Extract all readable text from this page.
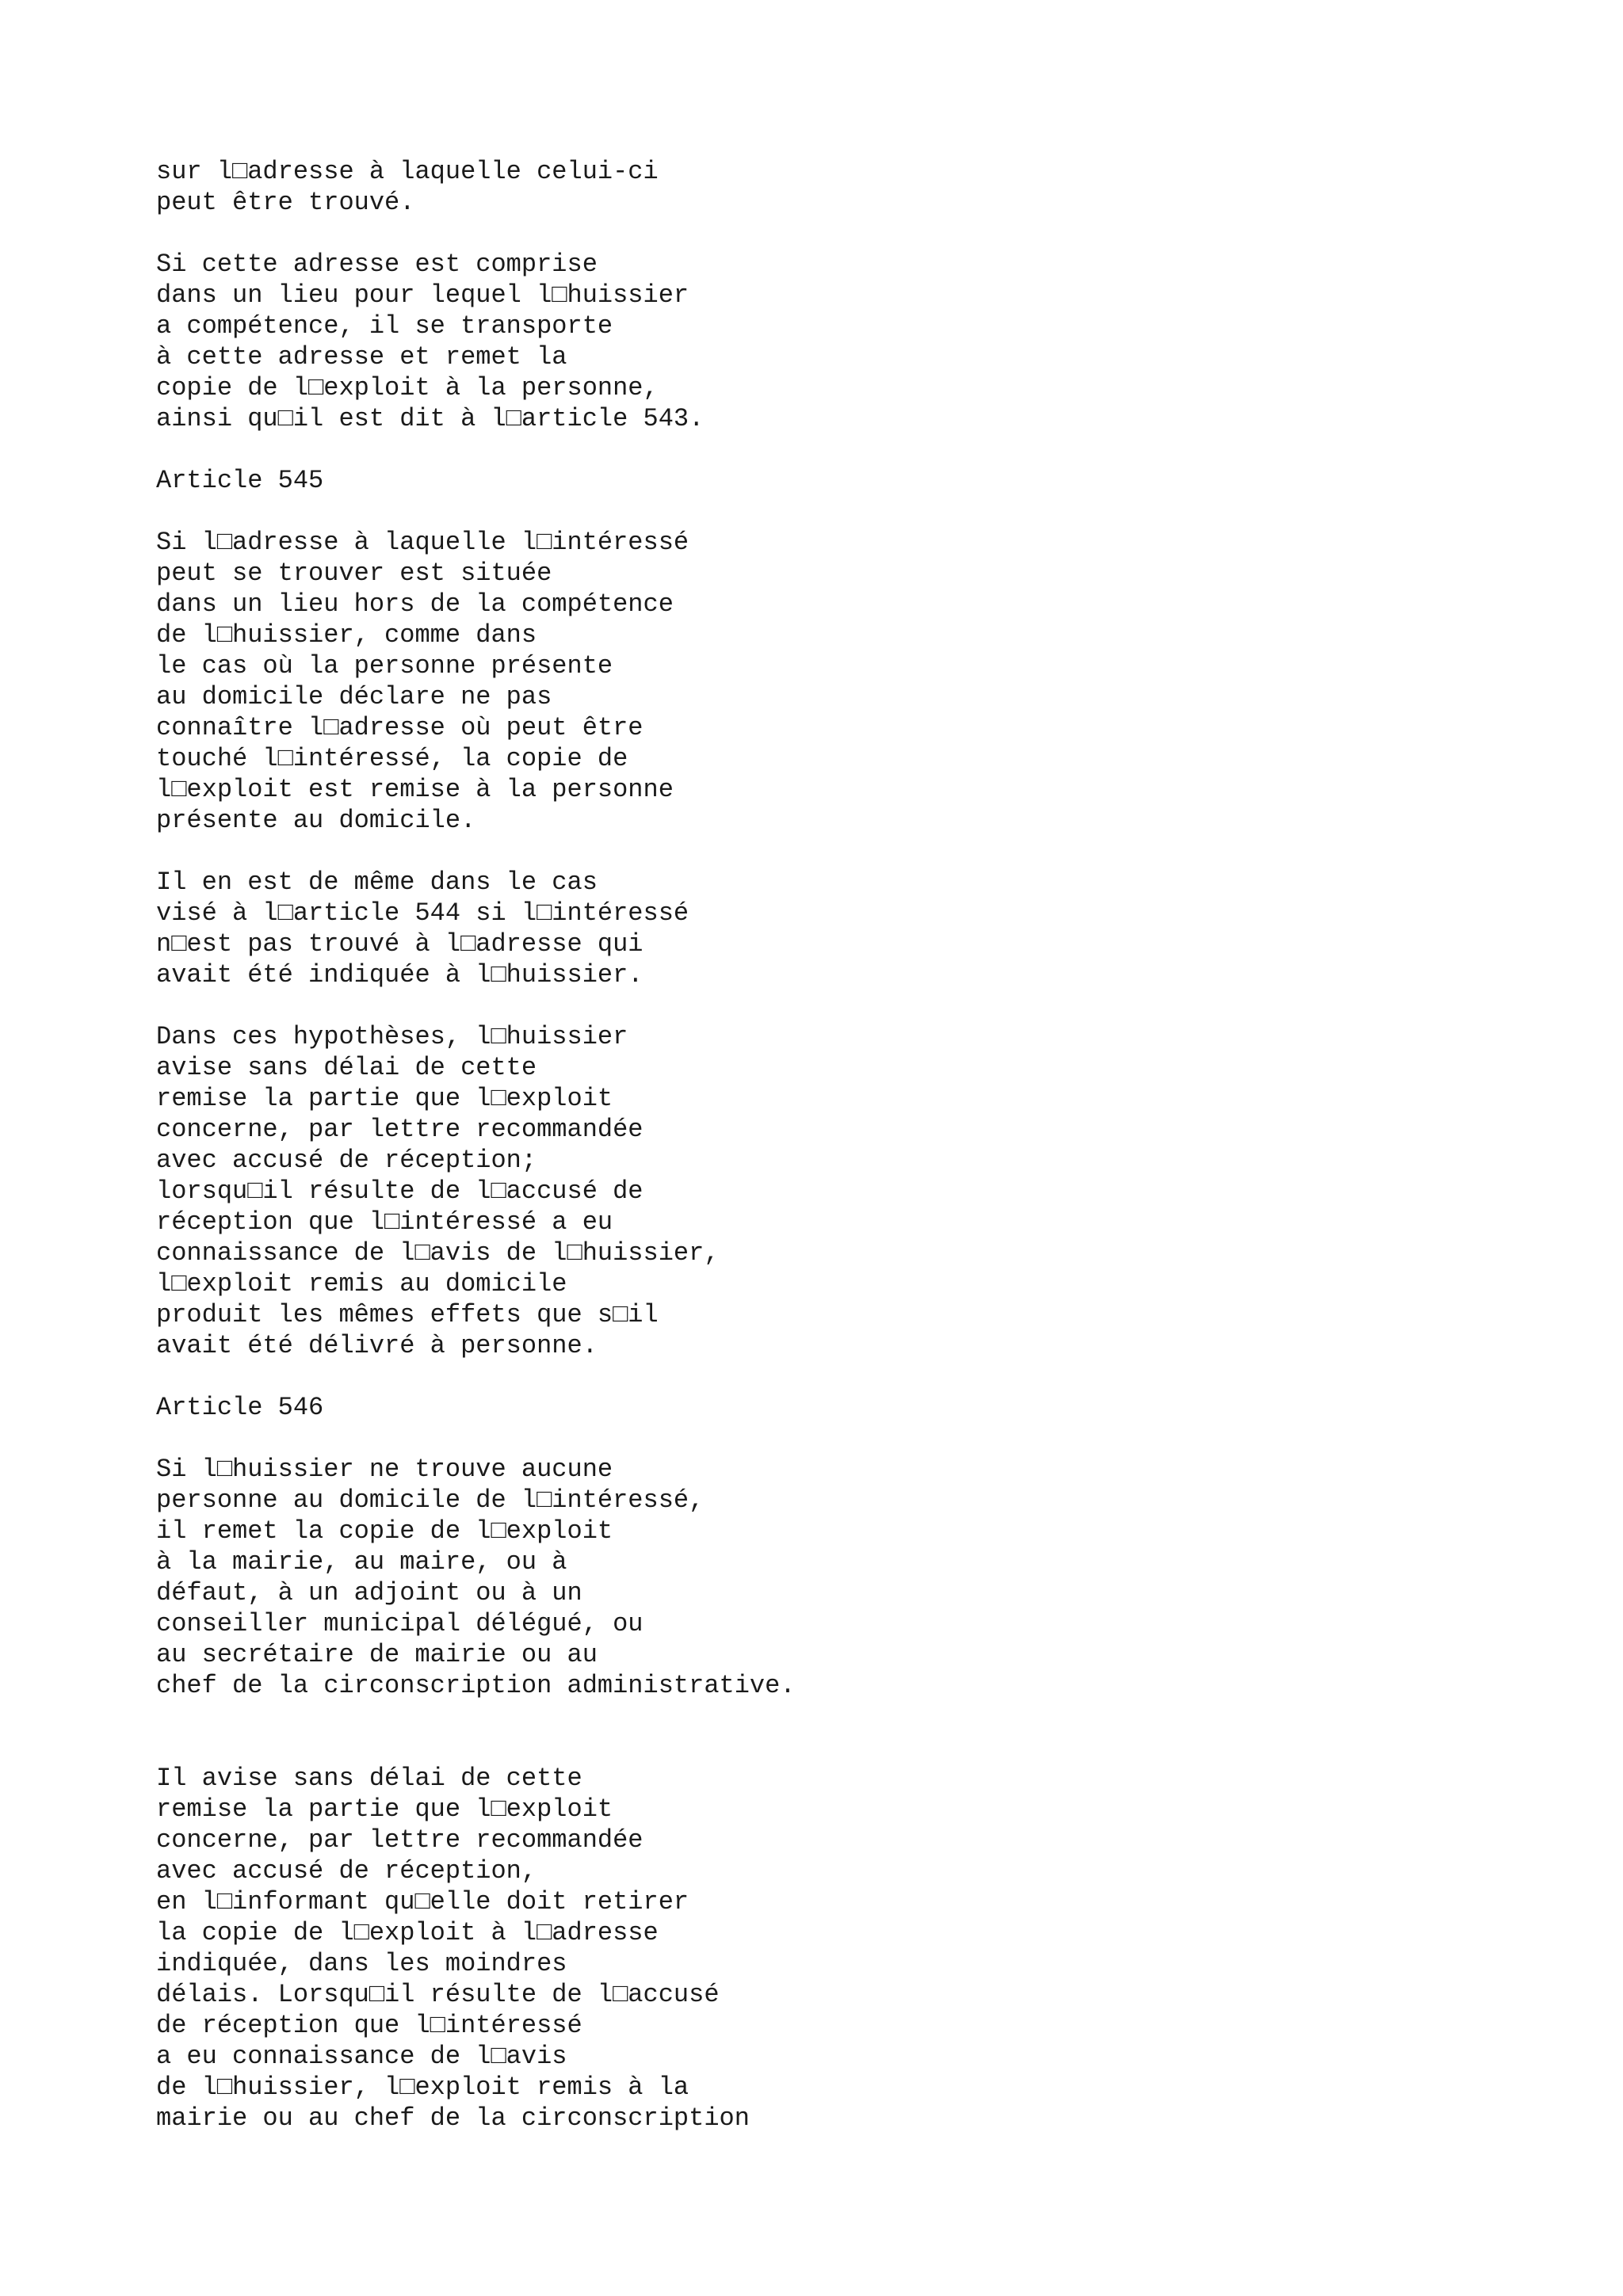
sur l□adresse à laquelle celui-ci
peut être trouvé.
Si cette adresse est comprise
dans un lieu pour lequel l□huissier
a compétence, il se transporte
à cette adresse et remet la
copie de l□exploit à la personne,
ainsi qu□il est dit à l□article 543.
Article 545
Si l□adresse à laquelle l□intéressé
peut se trouver est située
dans un lieu hors de la compétence
de l□huissier, comme dans
le cas où la personne présente
au domicile déclare ne pas
connaître l□adresse où peut être
touché l□intéressé, la copie de
l□exploit est remise à la personne
présente au domicile.
Il en est de même dans le cas
visé à l□article 544 si l□intéressé
n□est pas trouvé à l□adresse qui
avait été indiquée à l□huissier.
Dans ces hypothèses, l□huissier
avise sans délai de cette
remise la partie que l□exploit
concerne, par lettre recommandée
avec accusé de réception;
lorsqu□il résulte de l□accusé de
réception que l□intéressé a eu
connaissance de l□avis de l□huissier,
l□exploit remis au domicile
produit les mêmes effets que s□il
avait été délivré à personne.
Article 546
Si l□huissier ne trouve aucune
personne au domicile de l□intéressé,
il remet la copie de l□exploit
à la mairie, au maire, ou à
défaut, à un adjoint ou à un
conseiller municipal délégué, ou
au secrétaire de mairie ou au
chef de la circonscription administrative.
Il avise sans délai de cette
remise la partie que l□exploit
concerne, par lettre recommandée
avec accusé de réception,
en l□informant qu□elle doit retirer
la copie de l□exploit à l□adresse
indiquée, dans les moindres
délais. Lorsqu□il résulte de l□accusé
de réception que l□intéressé
a eu connaissance de l□avis
de l□huissier, l□exploit remis à la
mairie ou au chef de la circonscription
